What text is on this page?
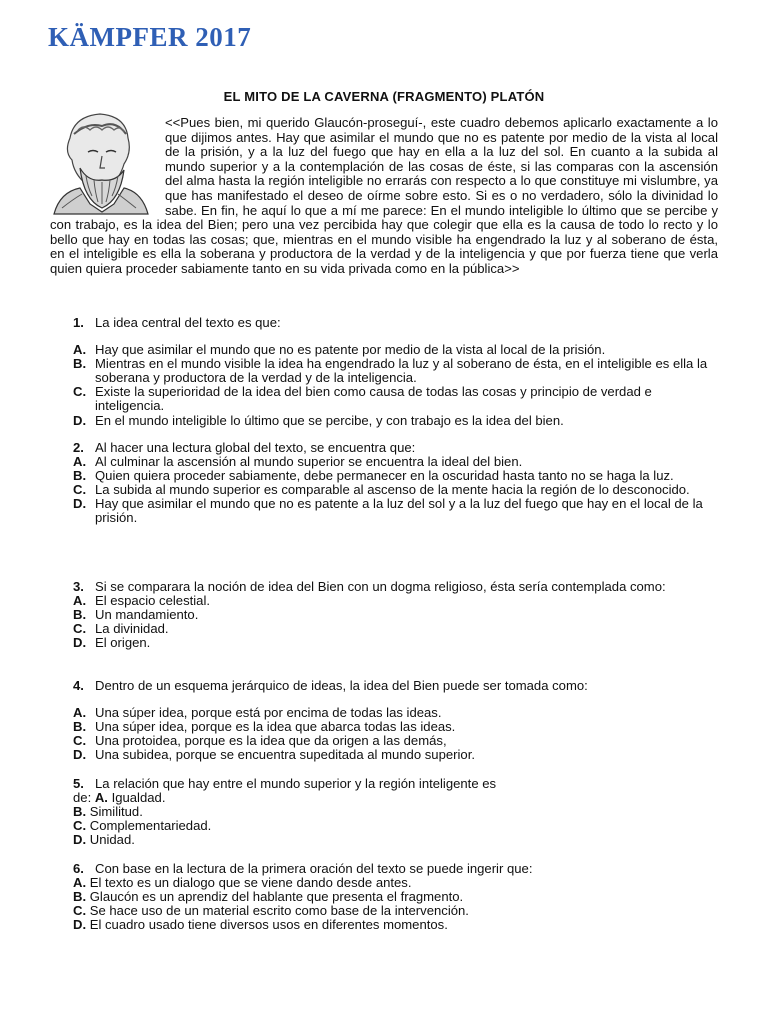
KÄMPFER 2017
EL MITO DE LA CAVERNA (FRAGMENTO) PLATÓN

<<Pues bien, mi querido Glaucón-proseguí-, este cuadro debemos aplicarlo exactamente a lo que dijimos antes. Hay que asimilar el mundo que no es patente por medio de la vista al local de la prisión, y a la luz del fuego que hay en ella a la luz del sol. En cuanto a la subida al mundo superior y a la contemplación de las cosas de éste, si las comparas con la ascensión del alma hasta la región inteligible no errarás con respecto a lo que constituye mi vislumbre, ya que has manifestado el deseo de oírme sobre esto. Si es o no verdadero, sólo la divinidad lo sabe. En fin, he aquí lo que a mí me parece: En el mundo inteligible lo último que se percibe y con trabajo, es la idea del Bien; pero una vez percibida hay que colegir que ella es la causa de todo lo recto y lo bello que hay en todas las cosas; que, mientras en el mundo visible ha engendrado la luz y al soberano de ésta, en el inteligible es ella la soberana y productora de la verdad y de la inteligencia y que por fuerza tiene que verla quien quiera proceder sabiamente tanto en su vida privada como en la pública>>

1. La idea central del texto es que:
A. Hay que asimilar el mundo que no es patente por medio de la vista al local de la prisión.
B. Mientras en el mundo visible la idea ha engendrado la luz y al soberano de ésta, en el inteligible es ella la soberana y productora de la verdad y de la inteligencia.
C. Existe la superioridad de la idea del bien como causa de todas las cosas y principio de verdad e inteligencia.
D. En el mundo inteligible lo último que se percibe, y con trabajo es la idea del bien.
2. Al hacer una lectura global del texto, se encuentra que:
A. Al culminar la ascensión al mundo superior se encuentra la ideal del bien.
B. Quien quiera proceder sabiamente, debe permanecer en la oscuridad hasta tanto no se haga la luz.
C. La subida al mundo superior es comparable al ascenso de la mente hacia la región de lo desconocido.
D. Hay que asimilar el mundo que no es patente a la luz del sol y a la luz del fuego que hay en el local de la prisión.
3. Si se comparara la noción de idea del Bien con un dogma religioso, ésta sería contemplada como:
A. El espacio celestial.
B. Un mandamiento.
C. La divinidad.
D. El origen.
4. Dentro de un esquema jerárquico de ideas, la idea del Bien puede ser tomada como:
A. Una súper idea, porque está por encima de todas las ideas.
B. Una súper idea, porque es la idea que abarca todas las ideas.
C. Una protoidea, porque es la idea que da origen a las demás,
D. Una subidea, porque se encuentra supeditada al mundo superior.
5. La relación que hay entre el mundo superior y la región inteligente es
de: A. Igualdad.
B. Similitud.
C. Complementariedad.
D. Unidad.
6. Con base en la lectura de la primera oración del texto se puede ingerir que:
A. El texto es un dialogo que se viene dando desde antes.
B. Glaucón es un aprendiz del hablante que presenta el fragmento.
C. Se hace uso de un material escrito como base de la intervención.
D. El cuadro usado tiene diversos usos en diferentes momentos.
